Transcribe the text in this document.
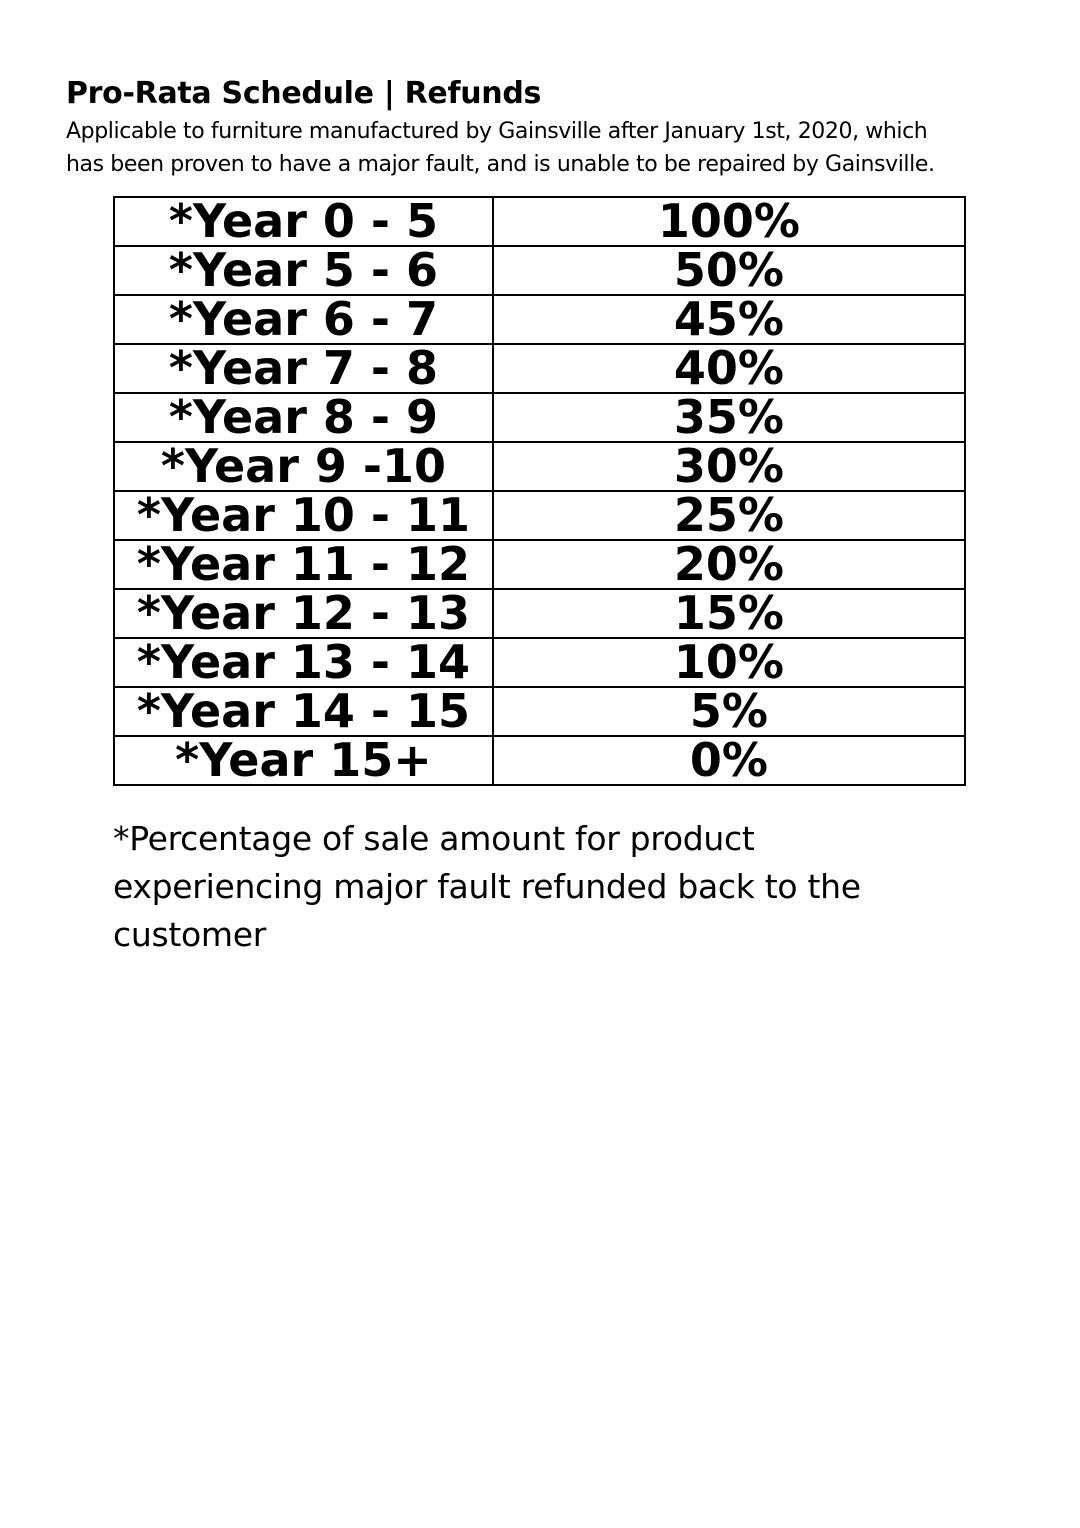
Pro-Rata Schedule | Refunds
Applicable to furniture manufactured by Gainsville after January 1st, 2020, which
has been proven to have a major fault, and is unable to be repaired by Gainsville.
*Year 0 - 5	100%
*Year 5 - 6	50%
*Year 6 - 7	45%
*Year 7 - 8	40%
*Year 8 - 9	35%
*Year 9 -10	30%
*Year 10 - 11	25%
*Year 11 - 12	20%
*Year 12 - 13	15%
*Year 13 - 14	10%
*Year 14 - 15	5%
*Year 15+	0%
*Percentage of sale amount for product
experiencing major fault refunded back to the
customer
